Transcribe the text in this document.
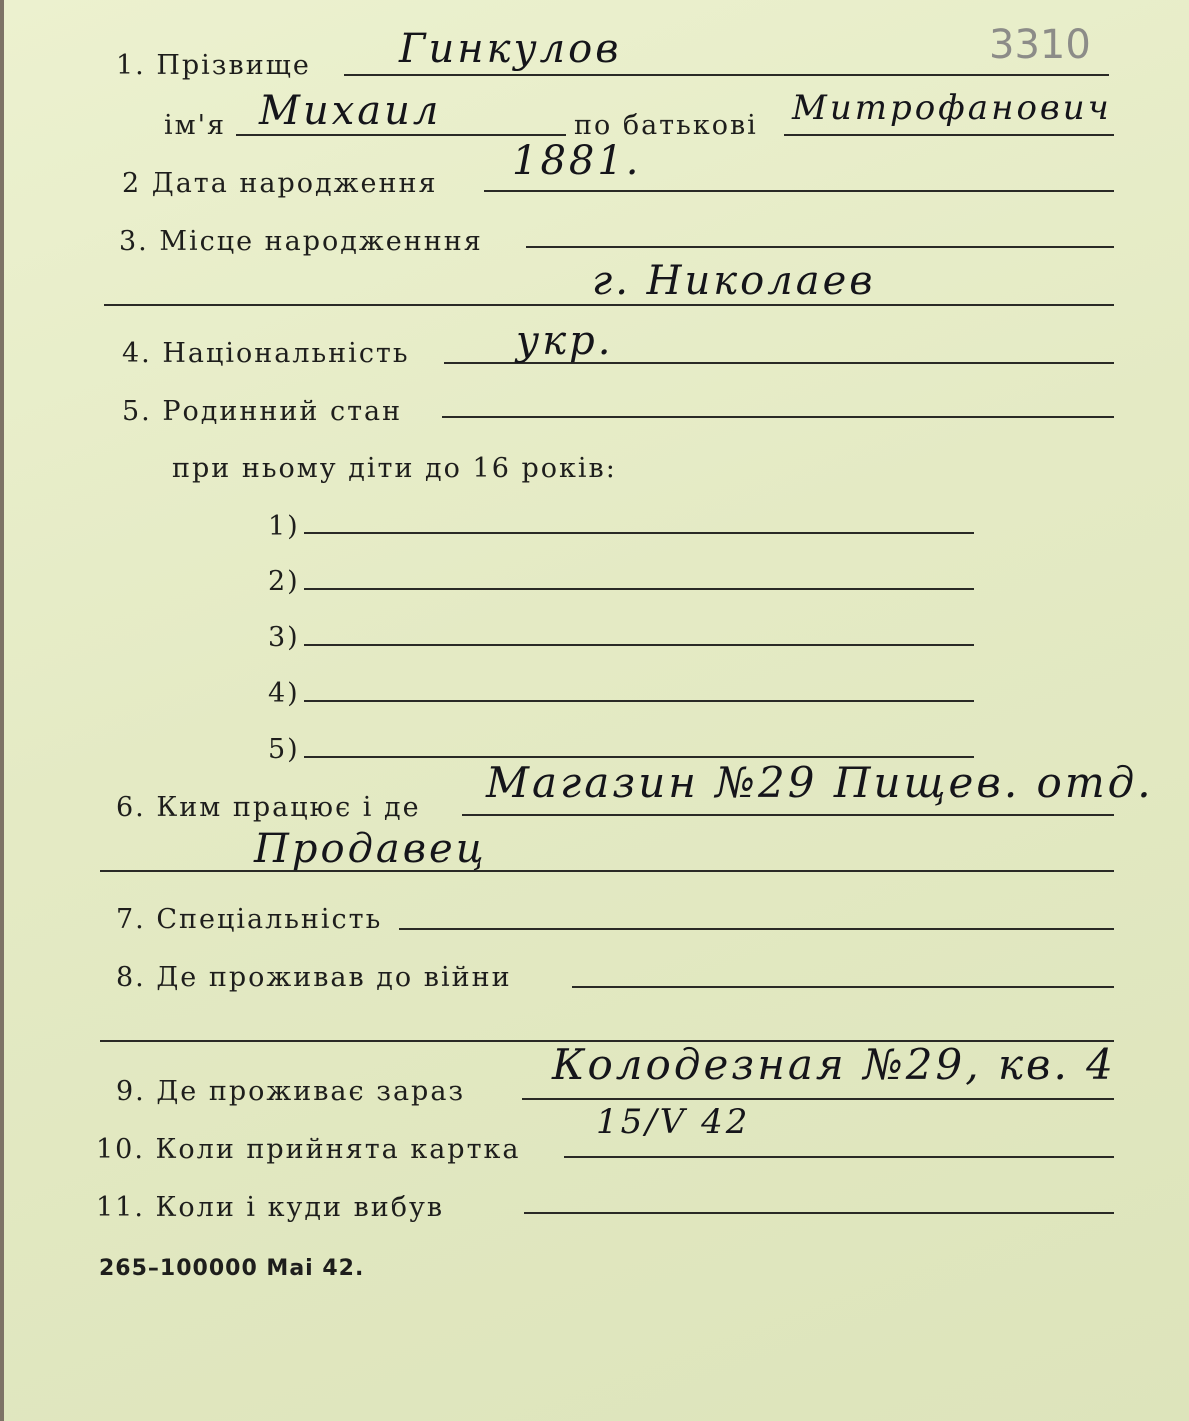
3310
1. Прізвище Гинкулов
ім'я Михаил	по батькові Митрофанович
2 Дата народження 1881.
3. Місце народженння
г. Николаев
4. Національність	укр.
5. Родинний стан
при ньому діти до 16 років:
1)
2)
3)
4)
5)
6. Ким працює і де
Магазин №29 Пищев. отд.
Продавец
7. Спеціальність
8. Де проживав до війни
9. Де проживає зараз
Колодезная №29, кв. 4
10. Коли прийнята картка
15/V 42
11. Коли і куди вибув
265–100000 Маі 42.
